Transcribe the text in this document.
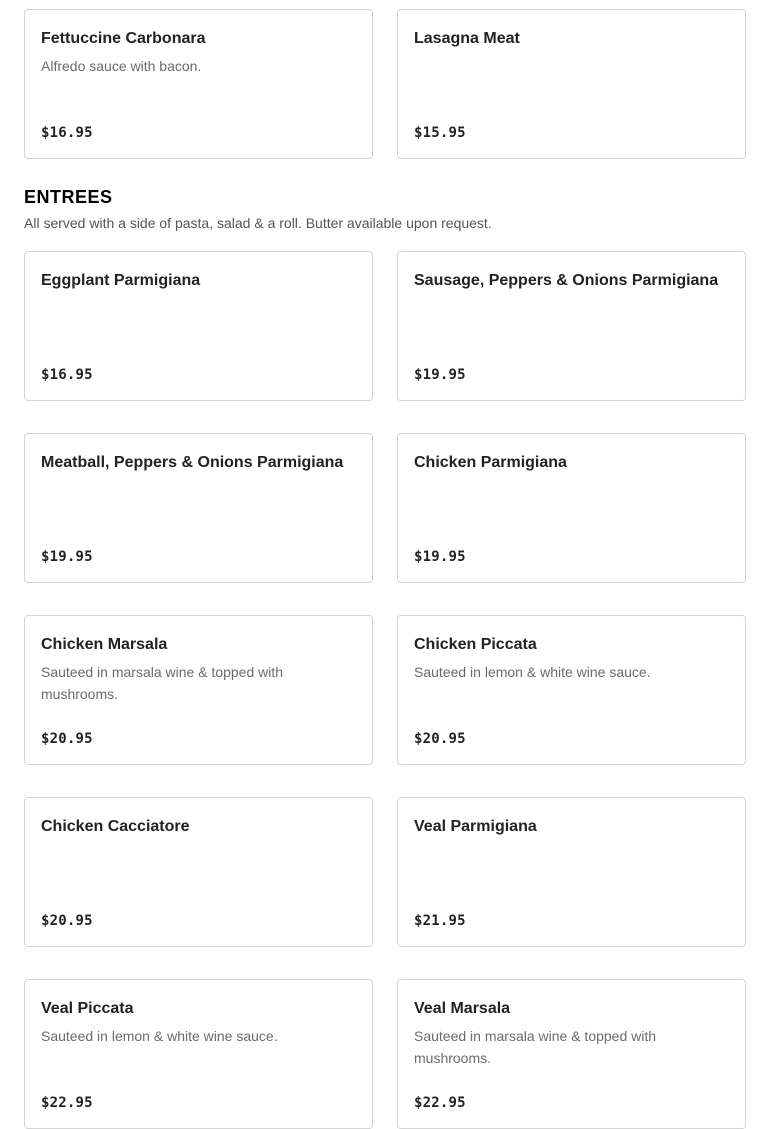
Fettuccine Carbonara
Alfredo sauce with bacon.
$16.95
Lasagna Meat
$15.95
ENTREES
All served with a side of pasta, salad & a roll. Butter available upon request.
Eggplant Parmigiana
$16.95
Sausage, Peppers & Onions Parmigiana
$19.95
Meatball, Peppers & Onions Parmigiana
$19.95
Chicken Parmigiana
$19.95
Chicken Marsala
Sauteed in marsala wine & topped with mushrooms.
$20.95
Chicken Piccata
Sauteed in lemon & white wine sauce.
$20.95
Chicken Cacciatore
$20.95
Veal Parmigiana
$21.95
Veal Piccata
Sauteed in lemon & white wine sauce.
$22.95
Veal Marsala
Sauteed in marsala wine & topped with mushrooms.
$22.95
